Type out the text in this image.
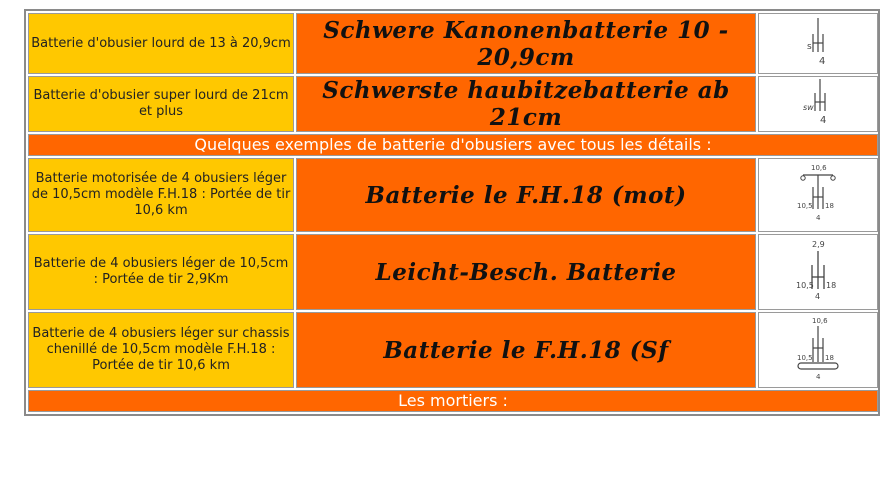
Batterie d'obusier lourd de 13 à 20,9cm	Schwere Kanonenbatterie 10 - 20,9cm	s
4

Batterie d'obusier super lourd de 21cm et plus	Schwerste haubitzebatterie ab 21cm	sw
4

Quelques exemples de batterie d'obusiers avec tous les détails :		
Batterie motorisée de 4 obusiers léger de 10,5cm modèle F.H.18 : Portée de tir 10,6 km	Batterie le F.H.18 (mot)	10,6
10,5 18
4

Batterie de 4 obusiers léger de 10,5cm : Portée de tir 2,9Km	Leicht-Besch. Batterie	2,9
10,5 18
4

Batterie de 4 obusiers léger sur chassis chenillé de 10,5cm modèle F.H.18 : Portée de tir 10,6 km	Batterie le F.H.18 (Sf	10,6
10,5 18
4

Les mortiers :		
